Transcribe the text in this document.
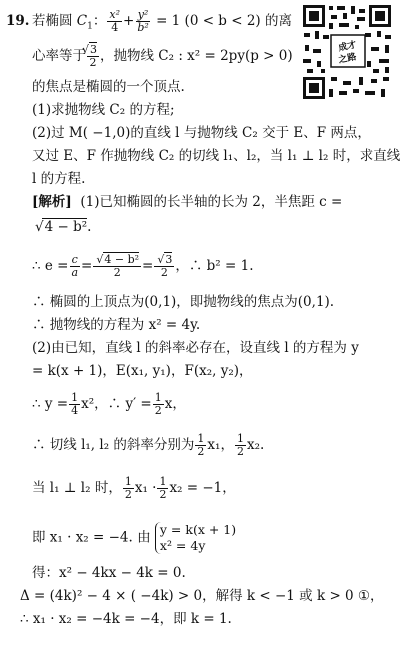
成才
之路
19. 若椭圆 $C_1$： $\frac{\text{x²}}{4} + \frac{\text{y²}}{\text{b²}} = 1$ (0 < b < 2) 的离
心率等于 √ $\frac{3}{2}$ ，抛物线 C₂ : x² = 2py(p > 0)
的焦点是椭圆的一个顶点.
(1)求抛物线 C₂ 的方程;
(2)过 M( −1,0)的直线 l 与抛物线 C₂ 交于 E、F 两点，
又过 E、F 作抛物线 C₂ 的切线 l₁、l₂，当 l₁ ⊥ l₂ 时，求直线
l 的方程.
[解析] (1)已知椭圆的长半轴的长为 2，半焦距 c =
√ 4 − b².
∴ $e = \frac{c}{a}$ = √ $\frac{\text{4 − b²}}{2}$ = √ $\frac{3}{2}$ ，∴ b² = 1.
∴ 椭圆的上顶点为(0,1)，即抛物线的焦点为(0,1).
∴ 抛物线的方程为 x² = 4y.
(2)由已知，直线 l 的斜率必存在，设直线 l 的方程为 y
= k(x + 1)，E(x₁, y₁)，F(x₂, y₂)，
∴ $y = \frac{1}{4} x^2$，∴ $y' = \frac{1}{2}$ x，
∴ 切线 l₁, l₂ 的斜率分别为 $\frac{1}{2} x_1$， $\frac{1}{2} x_2$.
当 l₁ ⊥ l₂ 时， $\frac{1}{2} x_1 \cdot \frac{1}{2} x_2 = -1$，
即 x₁ · x₂ = −4. 由 y = k(x + 1)
x² = 4y
得：x² − 4kx − 4k = 0.
Δ = (4k)² − 4 × ( −4k) > 0，解得 k < −1 或 k > 0 ①，
∴ x₁ · x₂ = −4k = −4，即 k = 1.
